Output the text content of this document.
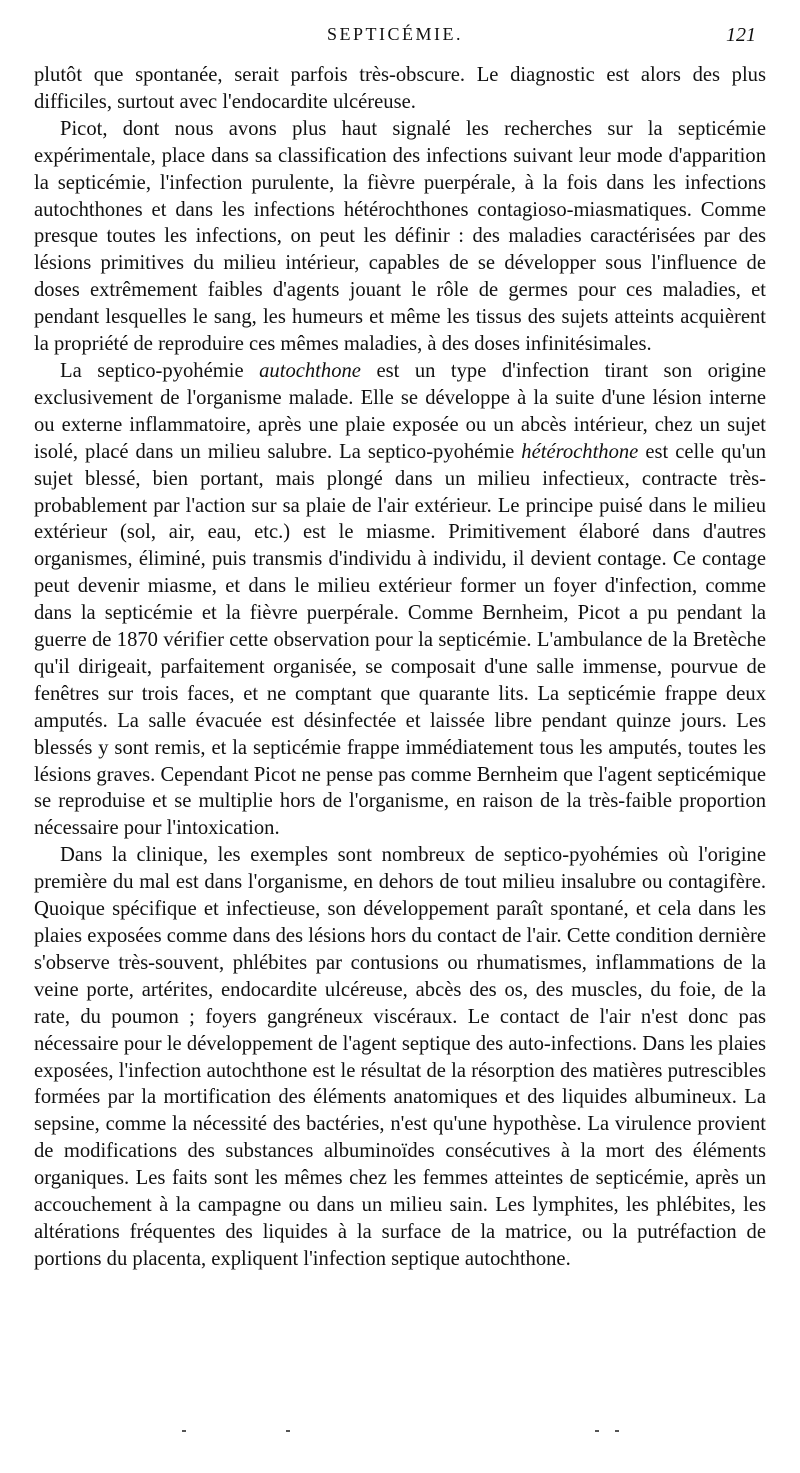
SEPTICÉMIE.	121

plutôt que spontanée, serait parfois très-obscure. Le diagnostic est alors des plus difficiles, surtout avec l'endocardite ulcéreuse.

Picot, dont nous avons plus haut signalé les recherches sur la septicémie expérimentale, place dans sa classification des infections suivant leur mode d'apparition la septicémie, l'infection purulente, la fièvre puerpérale, à la fois dans les infections autochthones et dans les infections hétérochthones contagioso-miasmatiques. Comme presque toutes les infections, on peut les définir : des maladies caractérisées par des lésions primitives du milieu intérieur, capables de se développer sous l'influence de doses extrêmement faibles d'agents jouant le rôle de germes pour ces maladies, et pendant lesquelles le sang, les humeurs et même les tissus des sujets atteints acquièrent la propriété de reproduire ces mêmes maladies, à des doses infinitésimales.

La septico-pyohémie autochthone est un type d'infection tirant son origine exclusivement de l'organisme malade. Elle se développe à la suite d'une lésion interne ou externe inflammatoire, après une plaie exposée ou un abcès intérieur, chez un sujet isolé, placé dans un milieu salubre. La septico-pyohémie hétérochthone est celle qu'un sujet blessé, bien portant, mais plongé dans un milieu infectieux, contracte très-probablement par l'action sur sa plaie de l'air extérieur. Le principe puisé dans le milieu extérieur (sol, air, eau, etc.) est le miasme. Primitivement élaboré dans d'autres organismes, éliminé, puis transmis d'individu à individu, il devient contage. Ce contage peut devenir miasme, et dans le milieu extérieur former un foyer d'infection, comme dans la septicémie et la fièvre puerpérale. Comme Bernheim, Picot a pu pendant la guerre de 1870 vérifier cette observation pour la septicémie. L'ambulance de la Bretèche qu'il dirigeait, parfaitement organisée, se composait d'une salle immense, pourvue de fenêtres sur trois faces, et ne comptant que quarante lits. La septicémie frappe deux amputés. La salle évacuée est désinfectée et laissée libre pendant quinze jours. Les blessés y sont remis, et la septicémie frappe immédiatement tous les amputés, toutes les lésions graves. Cependant Picot ne pense pas comme Bernheim que l'agent septicémique se reproduise et se multiplie hors de l'organisme, en raison de la très-faible proportion nécessaire pour l'intoxication.

Dans la clinique, les exemples sont nombreux de septico-pyohémies où l'origine première du mal est dans l'organisme, en dehors de tout milieu insalubre ou contagifère. Quoique spécifique et infectieuse, son développement paraît spontané, et cela dans les plaies exposées comme dans des lésions hors du contact de l'air. Cette condition dernière s'observe très-souvent, phlébites par contusions ou rhumatismes, inflammations de la veine porte, artérites, endocardite ulcéreuse, abcès des os, des muscles, du foie, de la rate, du poumon ; foyers gangréneux viscéraux. Le contact de l'air n'est donc pas nécessaire pour le développement de l'agent septique des auto-infections. Dans les plaies exposées, l'infection autochthone est le résultat de la résorption des matières putrescibles formées par la mortification des éléments anatomiques et des liquides albumineux. La sepsine, comme la nécessité des bactéries, n'est qu'une hypothèse. La virulence provient de modifications des substances albuminoïdes consécutives à la mort des éléments organiques. Les faits sont les mêmes chez les femmes atteintes de septicémie, après un accouchement à la campagne ou dans un milieu sain. Les lymphites, les phlébites, les altérations fréquentes des liquides à la surface de la matrice, ou la putréfaction de portions du placenta, expliquent l'infection septique autochthone.
